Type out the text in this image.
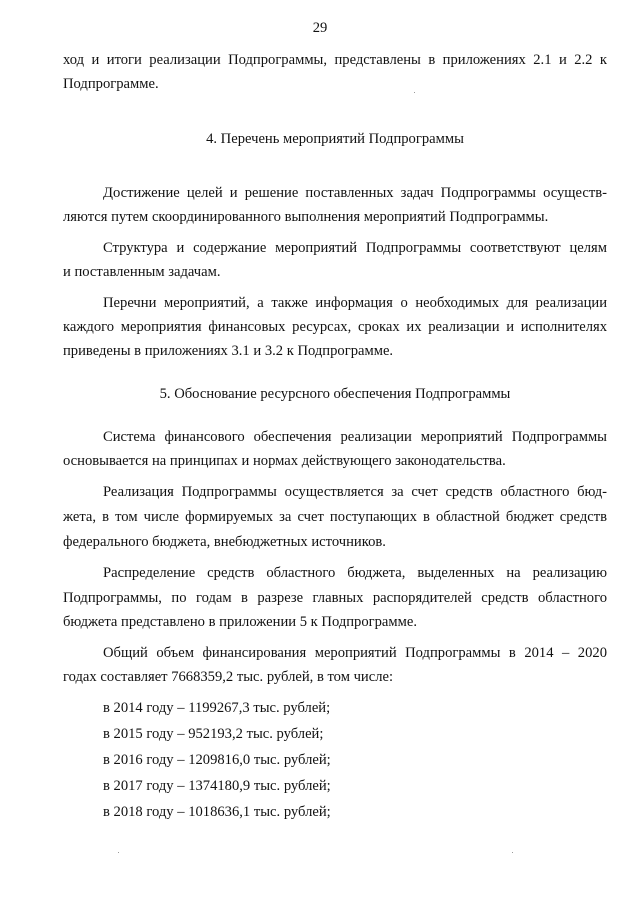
29
ход и итоги реализации Подпрограммы, представлены в приложениях 2.1 и 2.2 к
Подпрограмме.
4. Перечень мероприятий Подпрограммы
Достижение целей и решение поставленных задач Подпрограммы осуществ-
ляются путем скоординированного выполнения мероприятий Подпрограммы.
Структура и содержание мероприятий Подпрограммы соответствуют целям
и поставленным задачам.
Перечни мероприятий, а также информация о необходимых для реализации
каждого мероприятия финансовых ресурсах, сроках их реализации и исполнителях
приведены в приложениях 3.1 и 3.2 к Подпрограмме.
5. Обоснование ресурсного обеспечения Подпрограммы
Система финансового обеспечения реализации мероприятий Подпрограммы
основывается на принципах и нормах действующего законодательства.
Реализация Подпрограммы осуществляется за счет средств областного бюд-
жета, в том числе формируемых за счет поступающих в областной бюджет средств
федерального бюджета, внебюджетных источников.
Распределение средств областного бюджета, выделенных на реализацию
Подпрограммы, по годам в разрезе главных распорядителей средств областного
бюджета представлено в приложении 5 к Подпрограмме.
Общий объем финансирования мероприятий Подпрограммы в 2014 – 2020
годах составляет 7668359,2 тыс. рублей, в том числе:
в 2014 году – 1199267,3 тыс. рублей;
в 2015 году – 952193,2 тыс. рублей;
в 2016 году – 1209816,0 тыс. рублей;
в 2017 году – 1374180,9 тыс. рублей;
в 2018 году – 1018636,1 тыс. рублей;
